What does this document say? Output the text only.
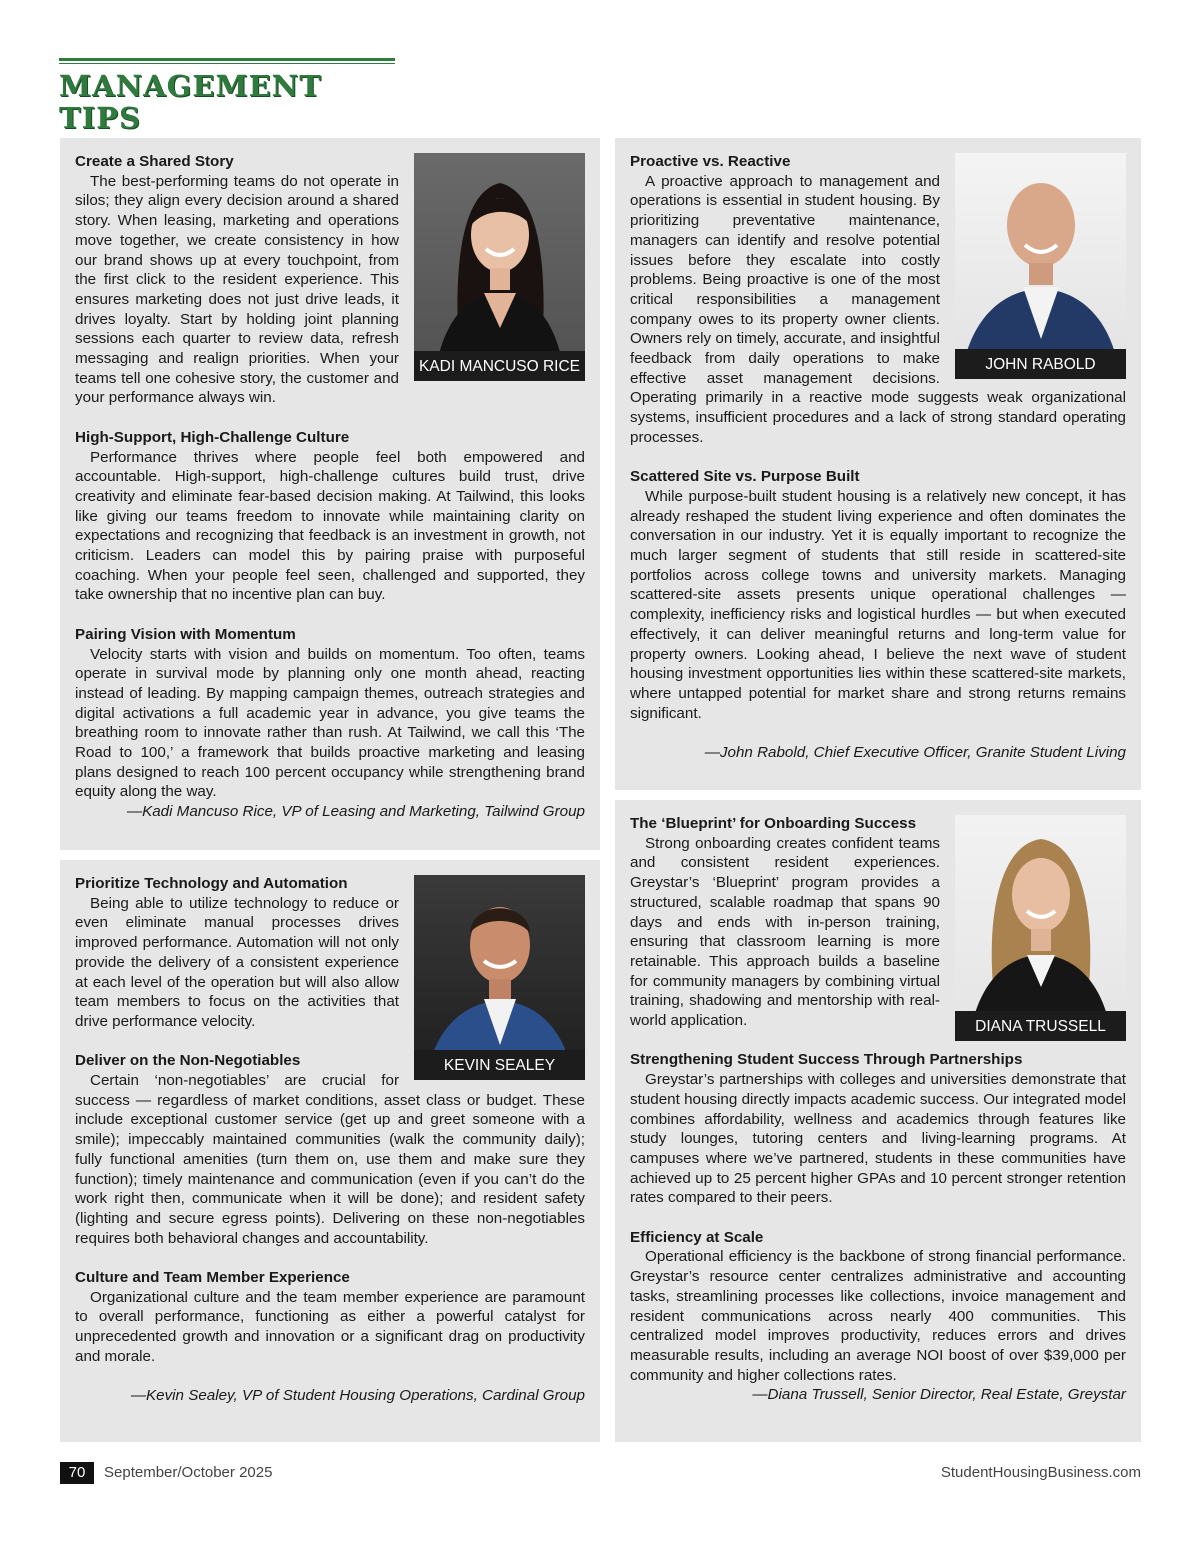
MANAGEMENT TIPS
KADI MANCUSO RICE
Create a Shared Story

The best-performing teams do not operate in silos; they align every decision around a shared story. When leasing, marketing and operations move together, we create consistency in how our brand shows up at every touchpoint, from the first click to the resident experience. This ensures marketing does not just drive leads, it drives loyalty. Start by holding joint planning sessions each quarter to review data, refresh messaging and realign priorities. When your teams tell one cohesive story, the customer and your performance always win.

High-Support, High-Challenge Culture

Performance thrives where people feel both empowered and accountable. High-support, high-challenge cultures build trust, drive creativity and eliminate fear-based decision making. At Tailwind, this looks like giving our teams freedom to innovate while maintaining clarity on expectations and recognizing that feedback is an investment in growth, not criticism. Leaders can model this by pairing praise with purposeful coaching. When your people feel seen, challenged and supported, they take ownership that no incentive plan can buy.

Pairing Vision with Momentum

Velocity starts with vision and builds on momentum. Too often, teams operate in survival mode by planning only one month ahead, reacting instead of leading. By mapping campaign themes, outreach strategies and digital activations a full academic year in advance, you give teams the breathing room to innovate rather than rush. At Tailwind, we call this ‘The Road to 100,’ a framework that builds proactive marketing and leasing plans designed to reach 100 percent occupancy while strengthening brand equity along the way.

—Kadi Mancuso Rice, VP of Leasing and Marketing, Tailwind Group

KEVIN SEALEY
Prioritize Technology and Automation

Being able to utilize technology to reduce or even eliminate manual processes drives improved performance. Automation will not only provide the delivery of a consistent experience at each level of the operation but will also allow team members to focus on the activities that drive performance velocity.

Deliver on the Non-Negotiables

Certain ‘non-negotiables’ are crucial for success — regardless of market conditions, asset class or budget. These include exceptional customer service (get up and greet someone with a smile); impeccably maintained communities (walk the community daily); fully functional amenities (turn them on, use them and make sure they function); timely maintenance and communication (even if you can’t do the work right then, communicate when it will be done); and resident safety (lighting and secure egress points). Delivering on these non-negotiables requires both behavioral changes and accountability.

Culture and Team Member Experience

Organizational culture and the team member experience are paramount to overall performance, functioning as either a powerful catalyst for unprecedented growth and innovation or a significant drag on productivity and morale.

—Kevin Sealey, VP of Student Housing Operations, Cardinal Group

JOHN RABOLD
Proactive vs. Reactive

A proactive approach to management and operations is essential in student housing. By prioritizing preventative maintenance, managers can identify and resolve potential issues before they escalate into costly problems. Being proactive is one of the most critical responsibilities a management company owes to its property owner clients. Owners rely on timely, accurate, and insightful feedback from daily operations to make effective asset management decisions. Operating primarily in a reactive mode suggests weak organizational systems, insufficient procedures and a lack of strong standard operating processes.

Scattered Site vs. Purpose Built

While purpose-built student housing is a relatively new concept, it has already reshaped the student living experience and often dominates the conversation in our industry. Yet it is equally important to recognize the much larger segment of students that still reside in scattered-site portfolios across college towns and university markets. Managing scattered-site assets presents unique operational challenges — complexity, inefficiency risks and logistical hurdles — but when executed effectively, it can deliver meaningful returns and long-term value for property owners. Looking ahead, I believe the next wave of student housing investment opportunities lies within these scattered-site markets, where untapped potential for market share and strong returns remains significant.

—John Rabold, Chief Executive Officer, Granite Student Living

DIANA TRUSSELL
The ‘Blueprint’ for Onboarding Success

Strong onboarding creates confident teams and consistent resident experiences. Greystar’s ‘Blueprint’ program provides a structured, scalable roadmap that spans 90 days and ends with in-person training, ensuring that classroom learning is more retainable. This approach builds a baseline for community managers by combining virtual training, shadowing and mentorship with real-world application.

Strengthening Student Success Through Partnerships

Greystar’s partnerships with colleges and universities demonstrate that student housing directly impacts academic success. Our integrated model combines affordability, wellness and academics through features like study lounges, tutoring centers and living-learning programs. At campuses where we’ve partnered, students in these communities have achieved up to 25 percent higher GPAs and 10 percent stronger retention rates compared to their peers.

Efficiency at Scale

Operational efficiency is the backbone of strong financial performance. Greystar’s resource center centralizes administrative and accounting tasks, streamlining processes like collections, invoice management and resident communications across nearly 400 communities. This centralized model improves productivity, reduces errors and drives measurable results, including an average NOI boost of over $39,000 per community and higher collections rates.

—Diana Trussell, Senior Director, Real Estate, Greystar

70	September/October 2025	StudentHousingBusiness.com
